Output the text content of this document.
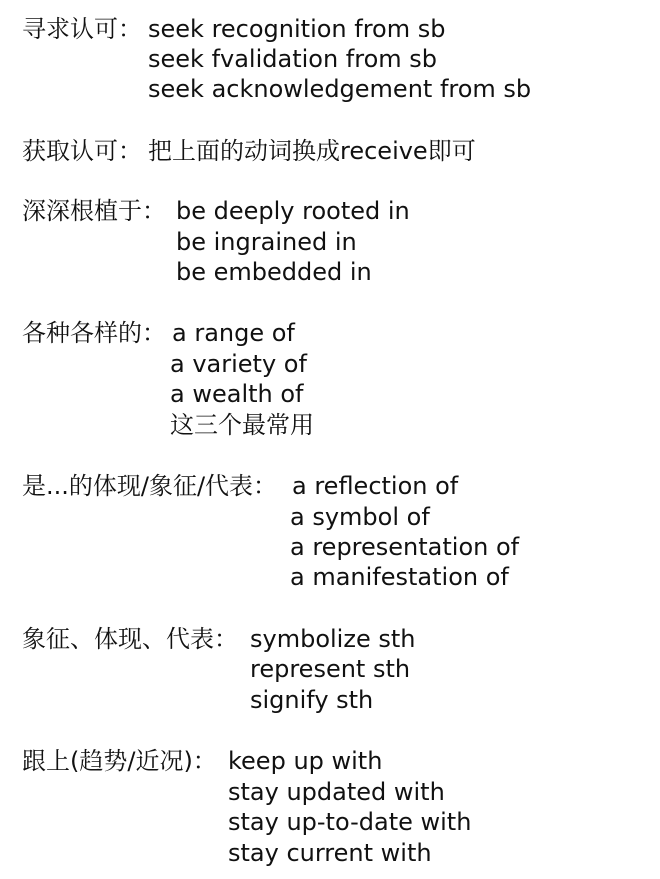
寻求认可： seek recognition from sb
seek fvalidation from sb
seek acknowledgement from sb
获取认可： 把上面的动词换成receive即可
深深根植于： be deeply rooted in
be ingrained in
be embedded in
各种各样的： a range of
a variety of
a wealth of
这三个最常用
是...的体现/象征/代表： a reflection of
a symbol of
a representation of
a manifestation of
象征、体现、代表： symbolize sth
represent sth
signify sth
跟上(趋势/近况)： keep up with
stay updated with
stay up-to-date with
stay current with
